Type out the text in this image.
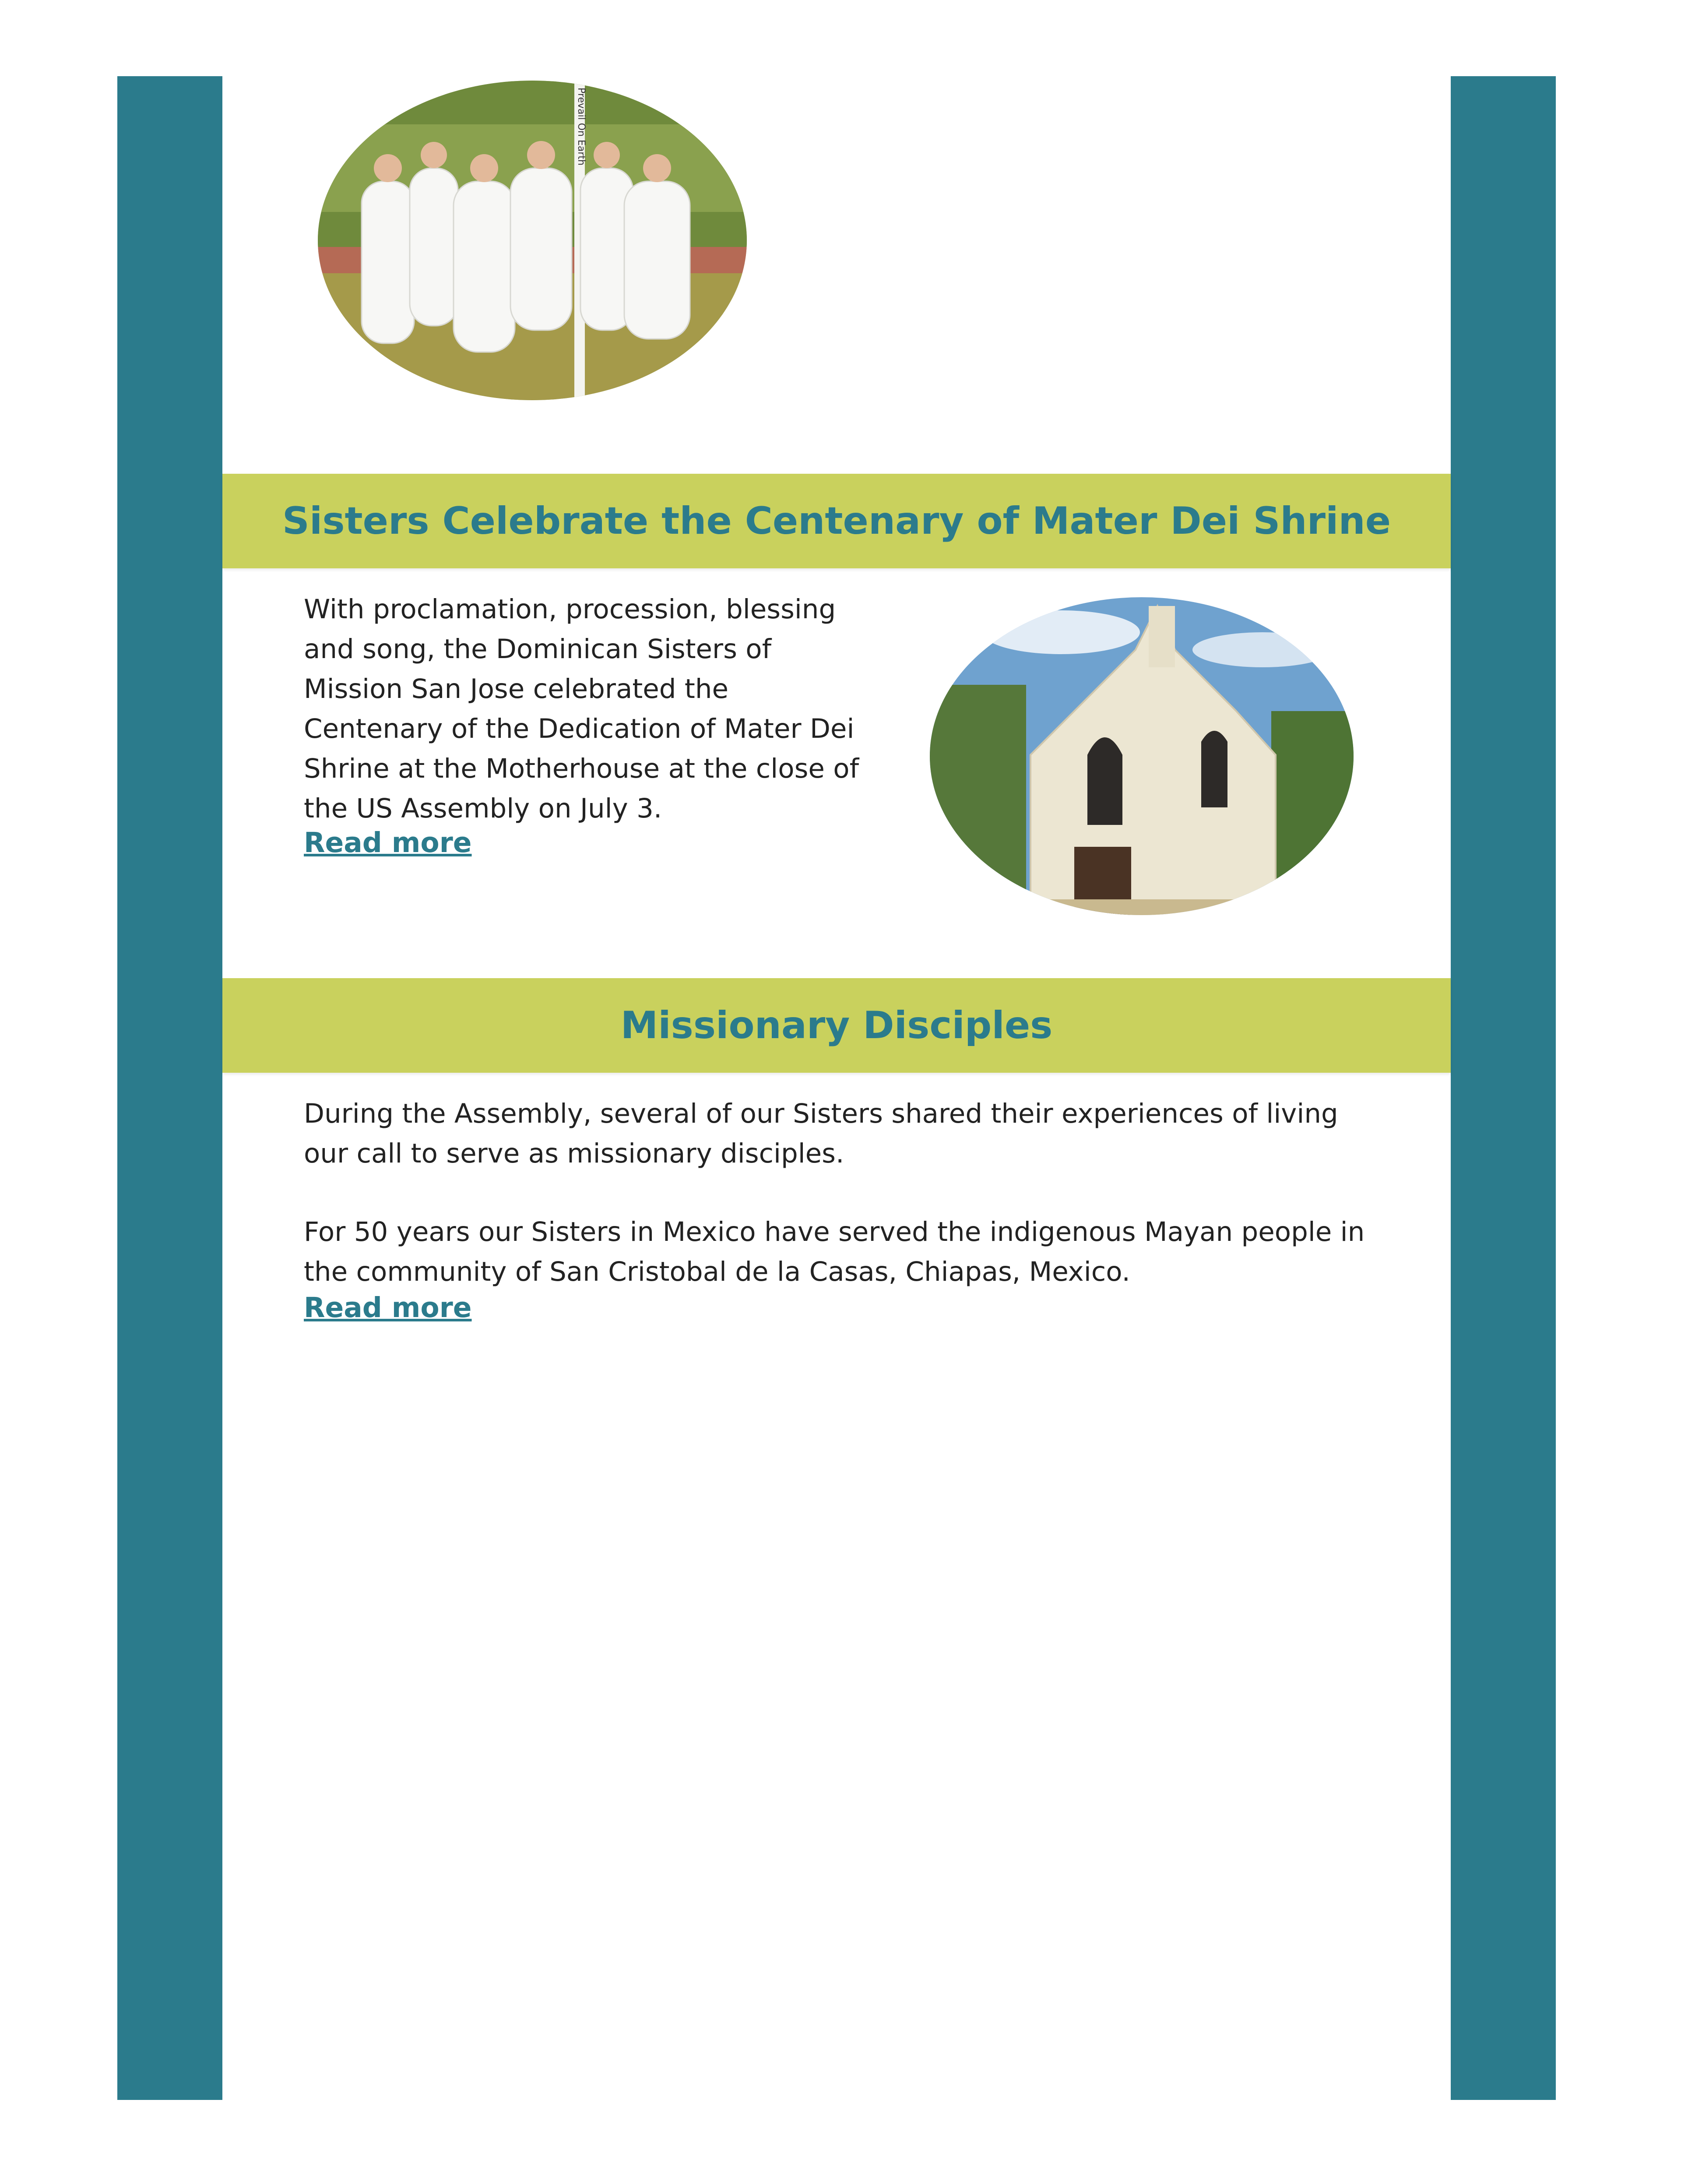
Prevail On Earth
Sisters Celebrate the Centenary of Mater Dei Shrine

With proclamation, procession, blessing and song, the Dominican Sisters of Mission San Jose celebrated the Centenary of the Dedication of Mater Dei Shrine at the Motherhouse at the close of the US Assembly on July 3.

Read more
Missionary Disciples

During the Assembly, several of our Sisters shared their experiences of living our call to serve as missionary disciples.

For 50 years our Sisters in Mexico have served the indigenous Mayan people in the community of San Cristobal de la Casas, Chiapas, Mexico.

Read more
